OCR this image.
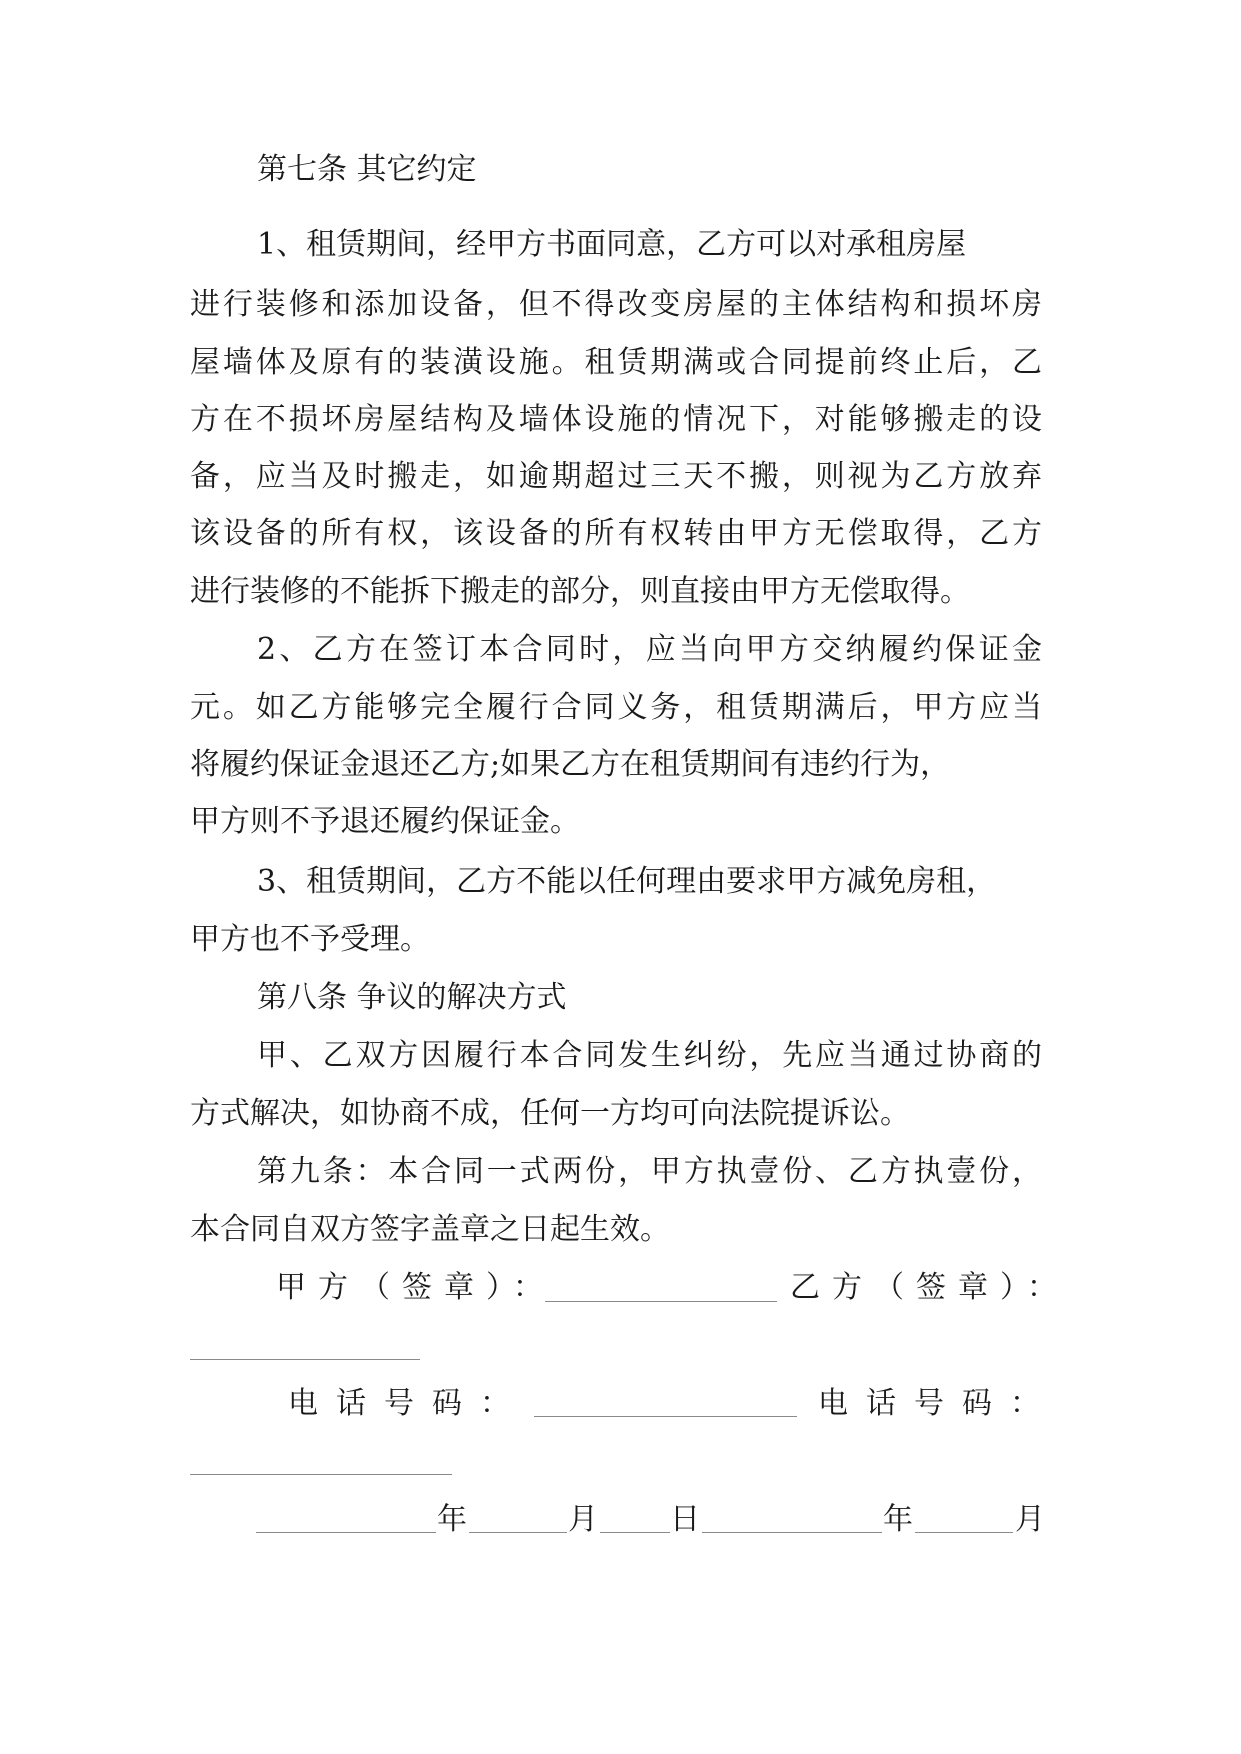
第七条 其它约定
1、租赁期间，经甲方书面同意，乙方可以对承租房屋
进行装修和添加设备，但不得改变房屋的主体结构和损坏房
屋墙体及原有的装潢设施。租赁期满或合同提前终止后，乙
方在不损坏房屋结构及墙体设施的情况下，对能够搬走的设
备，应当及时搬走，如逾期超过三天不搬，则视为乙方放弃
该设备的所有权，该设备的所有权转由甲方无偿取得，乙方
进行装修的不能拆下搬走的部分，则直接由甲方无偿取得。
2、乙方在签订本合同时，应当向甲方交纳履约保证金
元。如乙方能够完全履行合同义务，租赁期满后，甲方应当
将履约保证金退还乙方;如果乙方在租赁期间有违约行为，
甲方则不予退还履约保证金。
3、租赁期间，乙方不能以任何理由要求甲方减免房租，
甲方也不予受理。
第八条 争议的解决方式
甲、乙双方因履行本合同发生纠纷，先应当通过协商的
方式解决，如协商不成，任何一方均可向法院提诉讼。
第九条：本合同一式两份，甲方执壹份、乙方执壹份，
本合同自双方签字盖章之日起生效。
甲方（签章）：	乙方（签章）：
电话号码：	电话号码：
年	月 日	年	月
